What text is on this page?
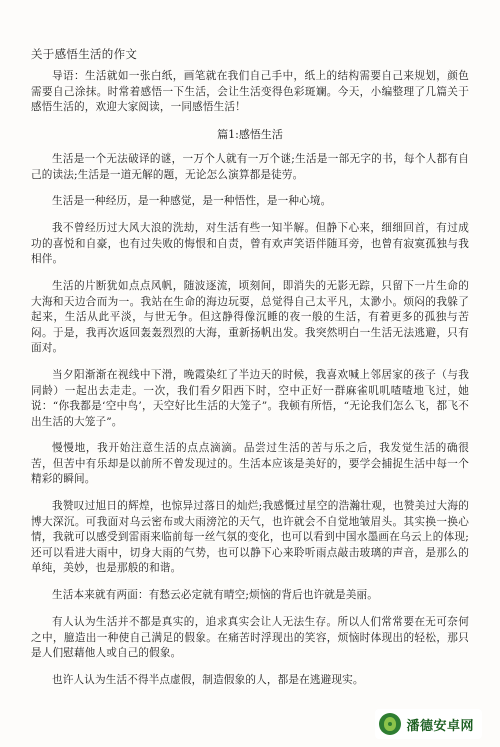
关于感悟生活的作文

导语：生活就如一张白纸，画笔就在我们自己手中，纸上的结构需要自己来规划，颜色需要自己涂抹。时常着感悟一下生活，会让生活变得色彩斑斓。今天，小编整理了几篇关于感悟生活的，欢迎大家阅读，一同感悟生活！

篇1:感悟生活

生活是一个无法破译的谜，一万个人就有一万个谜;生活是一部无字的书，每个人都有自己的读法;生活是一道无解的题，无论怎么演算都是徒劳。

生活是一种经历，是一种感觉，是一种悟性，是一种心境。

我不曾经历过大风大浪的洗劫，对生活有些一知半解。但静下心来，细细回首，有过成功的喜悦和自豪，也有过失败的悔恨和自责，曾有欢声笑语伴随耳旁，也曾有寂寞孤独与我相伴。

生活的片断犹如点点风帆，随波逐流，顷刻间，即消失的无影无踪，只留下一片生命的大海和天边合而为一。我站在生命的海边玩耍，总觉得自己太平凡，太渺小。烦闷的我躲了起来，生活从此平淡，与世无争。但这静得像沉睡的夜一般的生活，有着更多的孤独与苦闷。于是，我再次返回轰轰烈烈的大海，重新扬帆出发。我突然明白一生活无法逃避，只有面对。

当夕阳渐渐在视线中下滑，晚霞染红了半边天的时候，我喜欢喊上邻居家的孩子（与我同龄）一起出去走走。一次，我们看夕阳西下时，空中正好一群麻雀叽叽喳喳地飞过，她说：“你我都是‘空中鸟’，天空好比生活的大笼子”。我顿有所悟，“无论我们怎么飞，都飞不出生活的大笼子”。

慢慢地，我开始注意生活的点点滴滴。品尝过生活的苦与乐之后，我发觉生活的确很苦，但苦中有乐却是以前所不曾发现过的。生活本应该是美好的，要学会捕捉生活中每一个精彩的瞬间。

我赞叹过旭日的辉煌，也惊异过落日的灿烂;我感慨过星空的浩瀚壮观，也赞美过大海的博大深沉。可我面对乌云密布或大雨滂沱的天气，也许就会不自觉地皱眉头。其实换一换心情，我就可以感受到雷雨来临前每一丝气氛的变化，也可以看到中国水墨画在乌云上的体现;还可以看进大雨中，切身大雨的气势，也可以静下心来聆听雨点敲击玻璃的声音，是那么的单纯，美妙，也是那般的和谐。

生活本来就有两面：有愁云必定就有晴空;烦恼的背后也许就是美丽。

有人认为生活并不都是真实的，追求真实会让人无法生存。所以人们常常要在无可奈何之中，臆造出一种使自己满足的假象。在痛苦时浮现出的笑容，烦恼时体现出的轻松，那只是人们慰藉他人或自己的假象。

也许人认为生活不得半点虚假，制造假象的人，都是在逃避现实。

潘德安卓网
